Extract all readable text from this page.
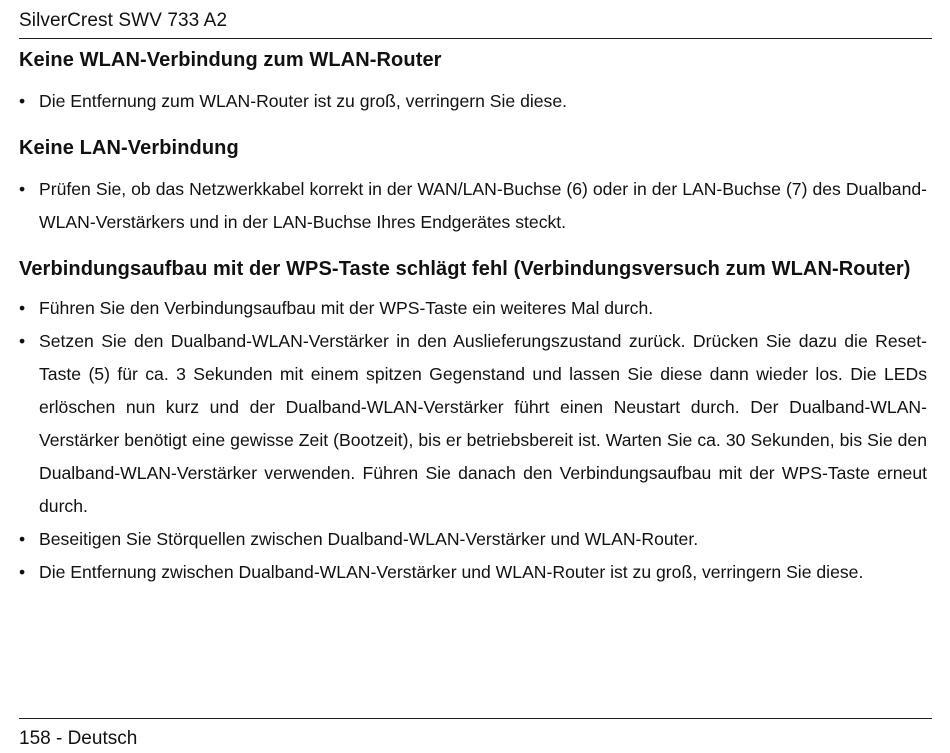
SilverCrest SWV 733 A2
Keine WLAN-Verbindung zum WLAN-Router
• Die Entfernung zum WLAN-Router ist zu groß, verringern Sie diese.
Keine LAN-Verbindung
• Prüfen Sie, ob das Netzwerkkabel korrekt in der WAN/LAN-Buchse (6) oder in der LAN-Buchse (7) des Dualband-WLAN-Verstärkers und in der LAN-Buchse Ihres Endgerätes steckt.
Verbindungsaufbau mit der WPS-Taste schlägt fehl (Verbindungsversuch zum WLAN-Router)
• Führen Sie den Verbindungsaufbau mit der WPS-Taste ein weiteres Mal durch.
• Setzen Sie den Dualband-WLAN-Verstärker in den Auslieferungszustand zurück. Drücken Sie dazu die Reset-Taste (5) für ca. 3 Sekunden mit einem spitzen Gegenstand und lassen Sie diese dann wieder los. Die LEDs erlöschen nun kurz und der Dualband-WLAN-Verstärker führt einen Neustart durch. Der Dualband-WLAN-Verstärker benötigt eine gewisse Zeit (Bootzeit), bis er betriebsbereit ist. Warten Sie ca. 30 Sekunden, bis Sie den Dualband-WLAN-Verstärker verwenden. Führen Sie danach den Verbindungsaufbau mit der WPS-Taste erneut durch.
• Beseitigen Sie Störquellen zwischen Dualband-WLAN-Verstärker und WLAN-Router.
• Die Entfernung zwischen Dualband-WLAN-Verstärker und WLAN-Router ist zu groß, verringern Sie diese.
158 - Deutsch
